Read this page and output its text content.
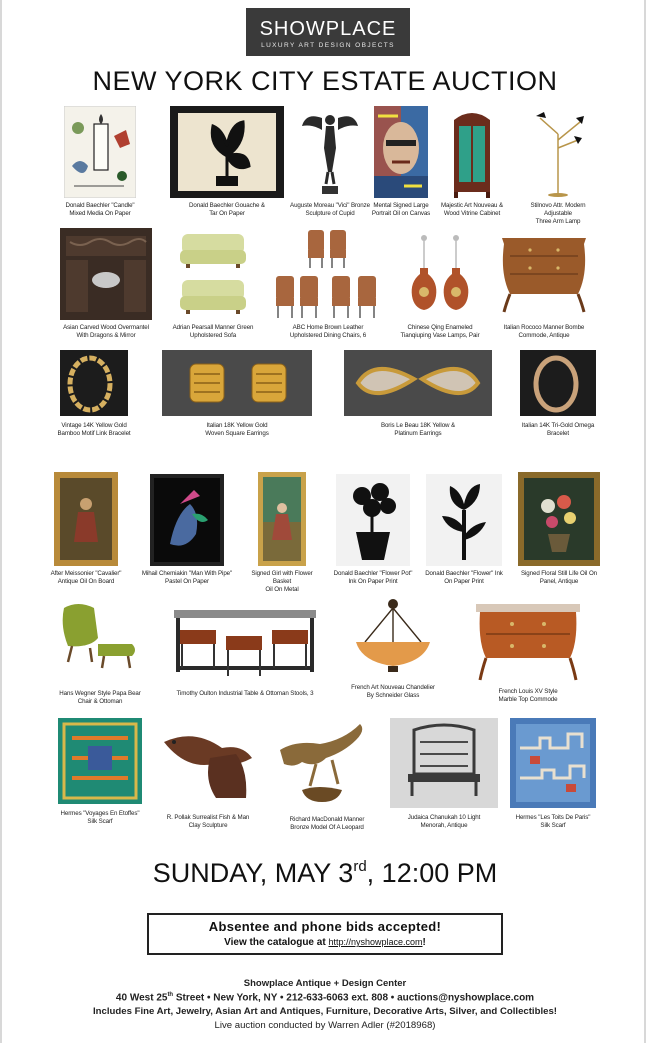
SHOWPLACE
LUXURY ART DESIGN OBJECTS
NEW YORK CITY ESTATE AUCTION
Donald Baechler "Candle"
Mixed Media On Paper
Donald Baechler Gouache &
Tar On Paper
Auguste Moreau "Vici" Bronze
Sculpture of Cupid
Mental Signed Large
Portrait Oil on Canvas
Majestic Art Nouveau &
Wood Vitrine Cabinet
Stilnovo Attr. Modern Adjustable
Three Arm Lamp
Asian Carved Wood Overmantel
With Dragons & Mirror
Adrian Pearsall Manner Green
Upholstered Sofa
ABC Home Brown Leather
Upholstered Dining Chairs, 6
Chinese Qing Enameled
Tianqiuping Vase Lamps, Pair
Italian Rococo Manner Bombe
Commode, Antique
Vintage 14K Yellow Gold
Bamboo Motif Link Bracelet
Italian 18K Yellow Gold
Woven Square Earrings
Boris Le Beau 18K Yellow &
Platinum Earrings
Italian 14K Tri-Gold Omega
Bracelet
After Meissonier "Cavalier"
Antique Oil On Board
Mihail Chemiakin "Man With Pipe"
Pastel On Paper
Signed Girl with Flower Basket
Oil On Metal
Donald Baechler "Flower Pot"
Ink On Paper Print
Donald Baechler "Flower" Ink
On Paper Print
Signed Floral Still Life Oil On
Panel, Antique
Hans Wegner Style Papa Bear
Chair & Ottoman
Timothy Oulton Industrial Table & Ottoman Stools, 3
French Art Nouveau Chandelier
By Schneider Glass
French Louis XV Style
Marble Top Commode
Hermes "Voyages En Etoffes"
Silk Scarf
R. Pollak Surrealist Fish & Man
Clay Sculpture
Richard MacDonald Manner
Bronze Model Of A Leopard
Judaica Chanukah 10 Light
Menorah, Antique
Hermes "Les Toits De Paris"
Silk Scarf
SUNDAY, MAY 3rd, 12:00 PM
Absentee and phone bids accepted!
View the catalogue at http://nyshowplace.com!
Showplace Antique + Design Center
40 West 25th Street • New York, NY • 212-633-6063 ext. 808 • auctions@nyshowplace.com
Includes Fine Art, Jewelry, Asian Art and Antiques, Furniture, Decorative Arts, Silver, and Collectibles!
Live auction conducted by Warren Adler (#2018968)
